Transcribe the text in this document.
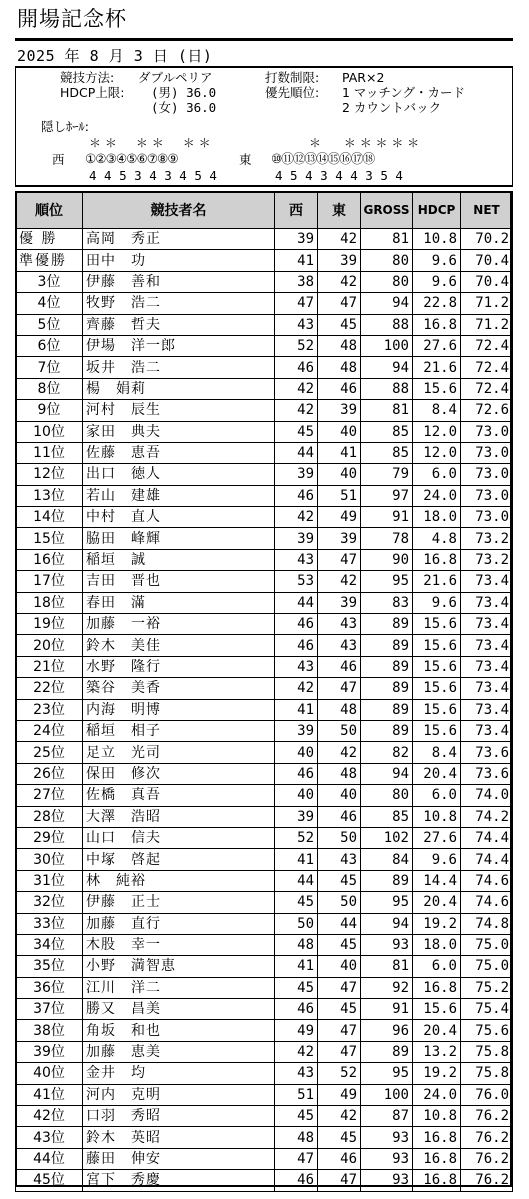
開場記念杯
2025 年 8 月 3 日 (日)
競技方法: ダブルペリア
HDCP上限: (男) 36.0
(女) 36.0
打数制限: PAR×2
優先順位: 1 マッチング・カード
2 カウントバック
隠しﾎｰﾙ:
＊ ＊     ＊ ＊     ＊ ＊	＊      ＊ ＊ ＊ ＊ ＊
西 ①②③④⑤⑥⑦⑧⑨	東 ⑩⑪⑫⑬⑭⑮⑯⑰⑱
4 4 5 3 4 3 4 5 4	4 5 4 3 4 4 3 5 4
順位	競技者名	西	東	GROSS	HDCP	NET
優 勝	高岡　秀正	39	42	81	10.8	70.2
準優勝	田中　功	41	39	80	9.6	70.4
3位	伊藤　善和	38	42	80	9.6	70.4
4位	牧野　浩二	47	47	94	22.8	71.2
5位	齊藤　哲夫	43	45	88	16.8	71.2
6位	伊場　洋一郎	52	48	100	27.6	72.4
7位	坂井　浩二	46	48	94	21.6	72.4
8位	楊　娟莉	42	46	88	15.6	72.4
9位	河村　辰生	42	39	81	8.4	72.6
10位	家田　典夫	45	40	85	12.0	73.0
11位	佐藤　恵吾	44	41	85	12.0	73.0
12位	出口　徳人	39	40	79	6.0	73.0
13位	若山　建雄	46	51	97	24.0	73.0
14位	中村　直人	42	49	91	18.0	73.0
15位	脇田　峰輝	39	39	78	4.8	73.2
16位	稲垣　誠	43	47	90	16.8	73.2
17位	吉田　晋也	53	42	95	21.6	73.4
18位	春田　滿	44	39	83	9.6	73.4
19位	加藤　一裕	46	43	89	15.6	73.4
20位	鈴木　美佳	46	43	89	15.6	73.4
21位	水野　隆行	43	46	89	15.6	73.4
22位	築谷　美香	42	47	89	15.6	73.4
23位	内海　明博	41	48	89	15.6	73.4
24位	稲垣　相子	39	50	89	15.6	73.4
25位	足立　光司	40	42	82	8.4	73.6
26位	保田　修次	46	48	94	20.4	73.6
27位	佐橋　真吾	40	40	80	6.0	74.0
28位	大澤　浩昭	39	46	85	10.8	74.2
29位	山口　信夫	52	50	102	27.6	74.4
30位	中塚　啓起	41	43	84	9.6	74.4
31位	林　純裕	44	45	89	14.4	74.6
32位	伊藤　正士	45	50	95	20.4	74.6
33位	加藤　直行	50	44	94	19.2	74.8
34位	木股　幸一	48	45	93	18.0	75.0
35位	小野　満智恵	41	40	81	6.0	75.0
36位	江川　洋二	45	47	92	16.8	75.2
37位	勝又　昌美	46	45	91	15.6	75.4
38位	角坂　和也	49	47	96	20.4	75.6
39位	加藤　恵美	42	47	89	13.2	75.8
40位	金井　均	43	52	95	19.2	75.8
41位	河内　克明	51	49	100	24.0	76.0
42位	口羽　秀昭	45	42	87	10.8	76.2
43位	鈴木　英昭	48	45	93	16.8	76.2
44位	藤田　伸安	47	46	93	16.8	76.2
45位	宮下　秀慶	46	47	93	16.8	76.2
